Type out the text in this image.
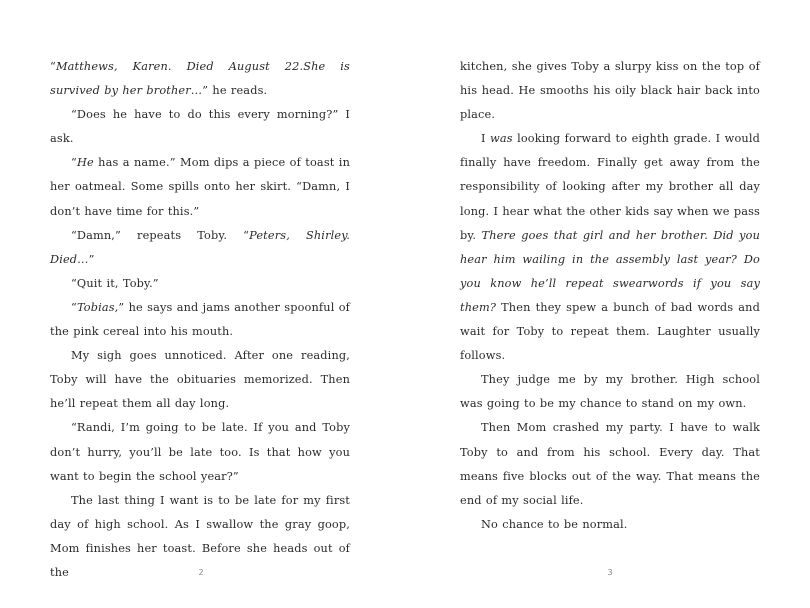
“Matthews, Karen. Died August 22.She is survived by her brother…” he reads.

“Does he have to do this every morning?” I ask.

“He has a name.” Mom dips a piece of toast in her oatmeal. Some spills onto her skirt. “Damn, I don’t have time for this.”

“Damn,” repeats Toby. “Peters, Shirley. Died…”

“Quit it, Toby.”

“Tobias,” he says and jams another spoonful of the pink cereal into his mouth.

My sigh goes unnoticed. After one reading, Toby will have the obituaries memorized. Then he’ll repeat them all day long.

“Randi, I’m going to be late. If you and Toby don’t hurry, you’ll be late too. Is that how you want to begin the school year?”

The last thing I want is to be late for my first day of high school. As I swallow the gray goop, Mom finishes her toast. Before she heads out of the

kitchen, she gives Toby a slurpy kiss on the top of his head. He smooths his oily black hair back into place.

I was looking forward to eighth grade. I would finally have freedom. Finally get away from the responsibility of looking after my brother all day long. I hear what the other kids say when we pass by. There goes that girl and her brother. Did you hear him wailing in the assembly last year? Do you know he’ll repeat swearwords if you say them? Then they spew a bunch of bad words and wait for Toby to repeat them. Laughter usually follows.

They judge me by my brother. High school was going to be my chance to stand on my own.

Then Mom crashed my party. I have to walk Toby to and from his school. Every day. That means five blocks out of the way. That means the end of my social life.

No chance to be normal.

2	3
